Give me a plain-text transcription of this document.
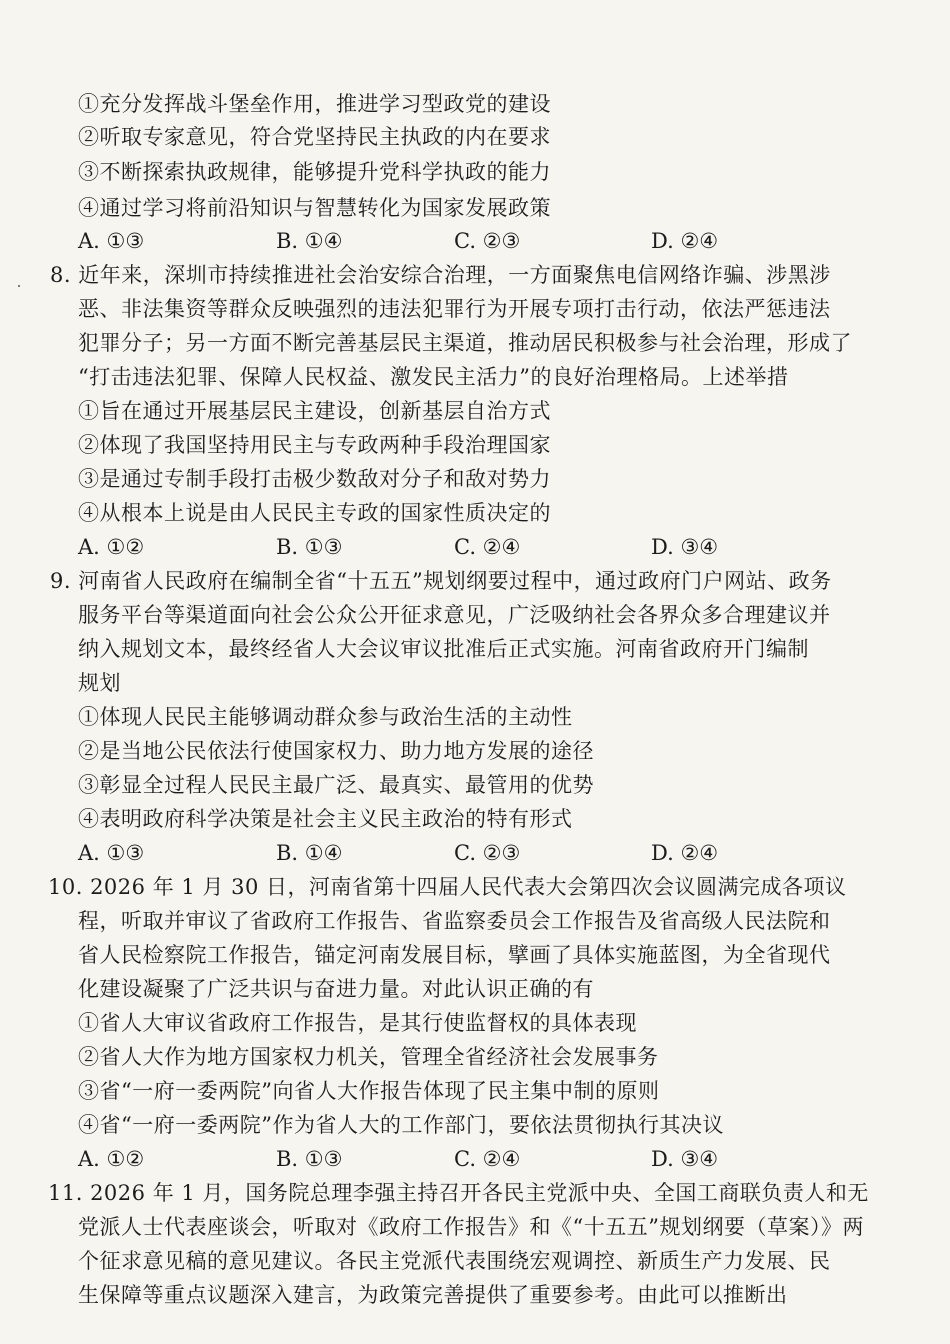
①充分发挥战斗堡垒作用，推进学习型政党的建设
②听取专家意见，符合党坚持民主执政的内在要求
③不断探索执政规律，能够提升党科学执政的能力
④通过学习将前沿知识与智慧转化为国家发展政策
A. ①③	B. ①④	C. ②③	D. ②④
8. 近年来，深圳市持续推进社会治安综合治理，一方面聚焦电信网络诈骗、涉黑涉
恶、非法集资等群众反映强烈的违法犯罪行为开展专项打击行动，依法严惩违法
犯罪分子；另一方面不断完善基层民主渠道，推动居民积极参与社会治理，形成了
“打击违法犯罪、保障人民权益、激发民主活力”的良好治理格局。上述举措
①旨在通过开展基层民主建设，创新基层自治方式
②体现了我国坚持用民主与专政两种手段治理国家
③是通过专制手段打击极少数敌对分子和敌对势力
④从根本上说是由人民民主专政的国家性质决定的
A. ①②	B. ①③	C. ②④	D. ③④
9. 河南省人民政府在编制全省“十五五”规划纲要过程中，通过政府门户网站、政务
服务平台等渠道面向社会公众公开征求意见，广泛吸纳社会各界众多合理建议并
纳入规划文本，最终经省人大会议审议批准后正式实施。河南省政府开门编制
规划
①体现人民民主能够调动群众参与政治生活的主动性
②是当地公民依法行使国家权力、助力地方发展的途径
③彰显全过程人民民主最广泛、最真实、最管用的优势
④表明政府科学决策是社会主义民主政治的特有形式
A. ①③	B. ①④	C. ②③	D. ②④
10. 2026 年 1 月 30 日，河南省第十四届人民代表大会第四次会议圆满完成各项议
程，听取并审议了省政府工作报告、省监察委员会工作报告及省高级人民法院和
省人民检察院工作报告，锚定河南发展目标，擘画了具体实施蓝图，为全省现代
化建设凝聚了广泛共识与奋进力量。对此认识正确的有
①省人大审议省政府工作报告，是其行使监督权的具体表现
②省人大作为地方国家权力机关，管理全省经济社会发展事务
③省“一府一委两院”向省人大作报告体现了民主集中制的原则
④省“一府一委两院”作为省人大的工作部门，要依法贯彻执行其决议
A. ①②	B. ①③	C. ②④	D. ③④
11. 2026 年 1 月，国务院总理李强主持召开各民主党派中央、全国工商联负责人和无
党派人士代表座谈会，听取对《政府工作报告》和《“十五五”规划纲要（草案）》两
个征求意见稿的意见建议。各民主党派代表围绕宏观调控、新质生产力发展、民
生保障等重点议题深入建言，为政策完善提供了重要参考。由此可以推断出
